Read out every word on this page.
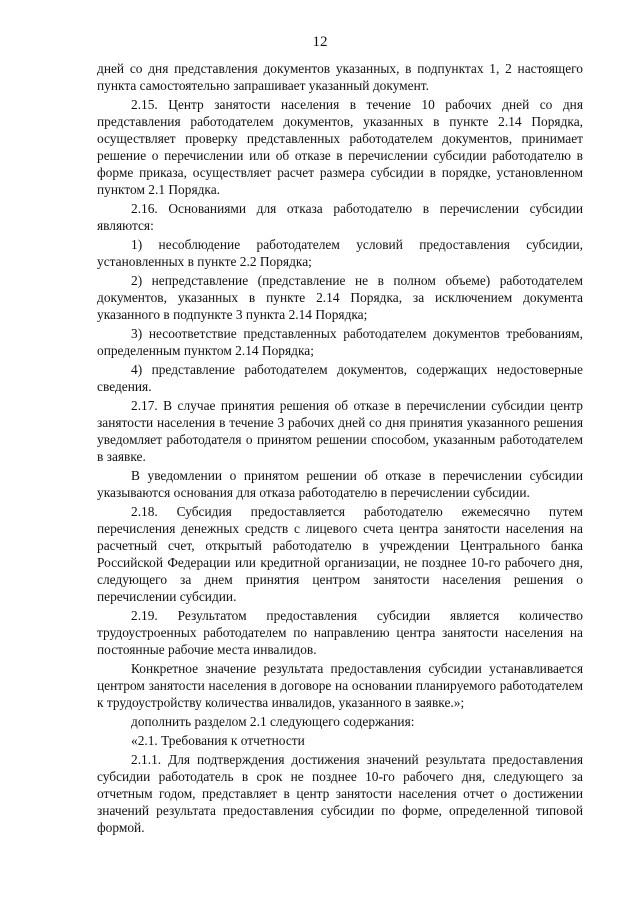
12

дней со дня представления документов указанных, в подпунктах 1, 2 настоящего пункта самостоятельно запрашивает указанный документ.

2.15. Центр занятости населения в течение 10 рабочих дней со дня представления работодателем документов, указанных в пункте 2.14 Порядка, осуществляет проверку представленных работодателем документов, принимает решение о перечислении или об отказе в перечислении субсидии работодателю в форме приказа, осуществляет расчет размера субсидии в порядке, установленном пунктом 2.1 Порядка.

2.16. Основаниями для отказа работодателю в перечислении субсидии являются:

1) несоблюдение работодателем условий предоставления субсидии, установленных в пункте 2.2 Порядка;

2) непредставление (представление не в полном объеме) работодателем документов, указанных в пункте 2.14 Порядка, за исключением документа указанного в подпункте 3 пункта 2.14 Порядка;

3) несоответствие представленных работодателем документов требованиям, определенным пунктом 2.14 Порядка;

4) представление работодателем документов, содержащих недостоверные сведения.

2.17. В случае принятия решения об отказе в перечислении субсидии центр занятости населения в течение 3 рабочих дней со дня принятия указанного решения уведомляет работодателя о принятом решении способом, указанным работодателем в заявке.

В уведомлении о принятом решении об отказе в перечислении субсидии указываются основания для отказа работодателю в перечислении субсидии.

2.18. Субсидия предоставляется работодателю ежемесячно путем перечисления денежных средств с лицевого счета центра занятости населения на расчетный счет, открытый работодателю в учреждении Центрального банка Российской Федерации или кредитной организации, не позднее 10-го рабочего дня, следующего за днем принятия центром занятости населения решения о перечислении субсидии.

2.19. Результатом предоставления субсидии является количество трудоустроенных работодателем по направлению центра занятости населения на постоянные рабочие места инвалидов.

Конкретное значение результата предоставления субсидии устанавливается центром занятости населения в договоре на основании планируемого работодателем к трудоустройству количества инвалидов, указанного в заявке.»;

дополнить разделом 2.1 следующего содержания:

«2.1. Требования к отчетности

2.1.1. Для подтверждения достижения значений результата предоставления субсидии работодатель в срок не позднее 10-го рабочего дня, следующего за отчетным годом, представляет в центр занятости населения отчет о достижении значений результата предоставления субсидии по форме, определенной типовой формой.
